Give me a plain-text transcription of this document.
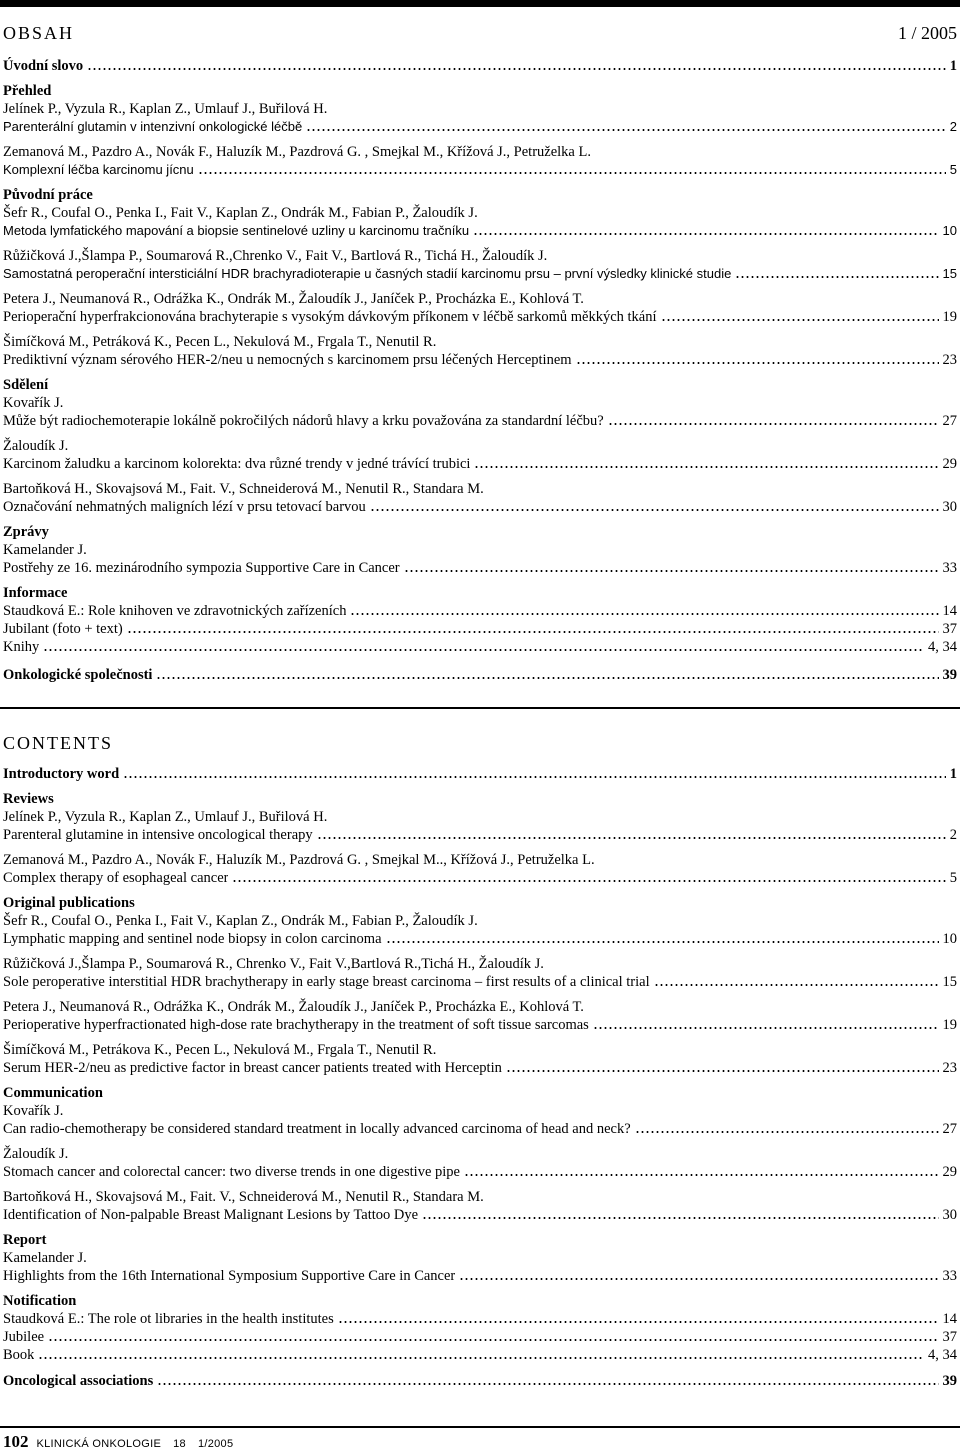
OBSAH	1 / 2005
Úvodní slovo	1
Přehled
Jelínek P., Vyzula R., Kaplan Z., Umlauf J., Buřilová H.
Parenterální glutamin v intenzivní onkologické léčbě	2
Zemanová M., Pazdro A., Novák F., Haluzík M., Pazdrová G. , Smejkal M., Křížová J., Petruželka L.
Komplexní léčba karcinomu jícnu	5
Původní práce
Šefr R., Coufal O., Penka I., Fait V., Kaplan Z., Ondrák M., Fabian P., Žaloudík J.
Metoda lymfatického mapování a biopsie sentinelové uzliny u karcinomu tračníku	10
Růžičková J.,Šlampa P., Soumarová R.,Chrenko V., Fait V., Bartlová R., Tichá H., Žaloudík J.
Samostatná peroperační intersticiální HDR brachyradioterapie u časných stadií karcinomu prsu – první výsledky klinické studie	15
Petera J., Neumanová R., Odrážka K., Ondrák M., Žaloudík J., Janíček P., Procházka E., Kohlová T.
Perioperační hyperfrakcionována brachyterapie s vysokým dávkovým příkonem v léčbě sarkomů měkkých tkání	19
Šimíčková M., Petráková K., Pecen L., Nekulová M., Frgala T., Nenutil R.
Prediktivní význam sérového HER-2/neu u nemocných s karcinomem prsu léčených Herceptinem	23
Sdělení
Kovařík J.
Může být radiochemoterapie lokálně pokročilých nádorů hlavy a krku považována za standardní léčbu?	27
Žaloudík J.
Karcinom žaludku a karcinom kolorekta: dva různé trendy v jedné trávící trubici	29
Bartoňková H., Skovajsová M., Fait. V., Schneiderová M., Nenutil R., Standara M.
Označování nehmatných maligních lézí v prsu tetovací barvou	30
Zprávy
Kamelander J.
Postřehy ze 16. mezinárodního sympozia Supportive Care in Cancer	33
Informace
Staudková E.: Role knihoven ve zdravotnických zařízeních	14
Jubilant (foto + text)	37
Knihy	4, 34
Onkologické společnosti	39
CONTENTS
Introductory word	1
Reviews
Jelínek P., Vyzula R., Kaplan Z., Umlauf J., Buřilová H.
Parenteral glutamine in intensive oncological therapy	2
Zemanová M., Pazdro A., Novák F., Haluzík M., Pazdrová G. , Smejkal M.., Křížová J., Petruželka L.
Complex therapy of esophageal cancer	5
Original publications
Šefr R., Coufal O., Penka I., Fait V., Kaplan Z., Ondrák M., Fabian P., Žaloudík J.
Lymphatic mapping and sentinel node biopsy in colon carcinoma	10
Růžičková J.,Šlampa P., Soumarová R., Chrenko V., Fait V.,Bartlová R.,Tichá H., Žaloudík J.
Sole peroperative interstitial HDR brachytherapy in early stage breast carcinoma – first results of a clinical trial	15
Petera J., Neumanová R., Odrážka K., Ondrák M., Žaloudík J., Janíček P., Procházka E., Kohlová T.
Perioperative hyperfractionated high-dose rate brachytherapy in the treatment of soft tissue sarcomas	19
Šimíčková M., Petrákova K., Pecen L., Nekulová M., Frgala T., Nenutil R.
Serum HER-2/neu as predictive factor in breast cancer patients treated with Herceptin	23
Communication
Kovařík J.
Can radio-chemotherapy be considered standard treatment in locally advanced carcinoma of head and neck?	27
Žaloudík J.
Stomach cancer and colorectal cancer: two diverse trends in one digestive pipe	29
Bartoňková H., Skovajsová M., Fait. V., Schneiderová M., Nenutil R., Standara M.
Identification of Non-palpable Breast Malignant Lesions by Tattoo Dye	30
Report
Kamelander J.
Highlights from the 16th International Symposium Supportive Care in Cancer	33
Notification
Staudková E.: The role ot libraries in the health institutes	14
Jubilee	37
Book	4, 34
Oncological associations	39
102 KLINICKÁ ONKOLOGIE 18 1/2005
